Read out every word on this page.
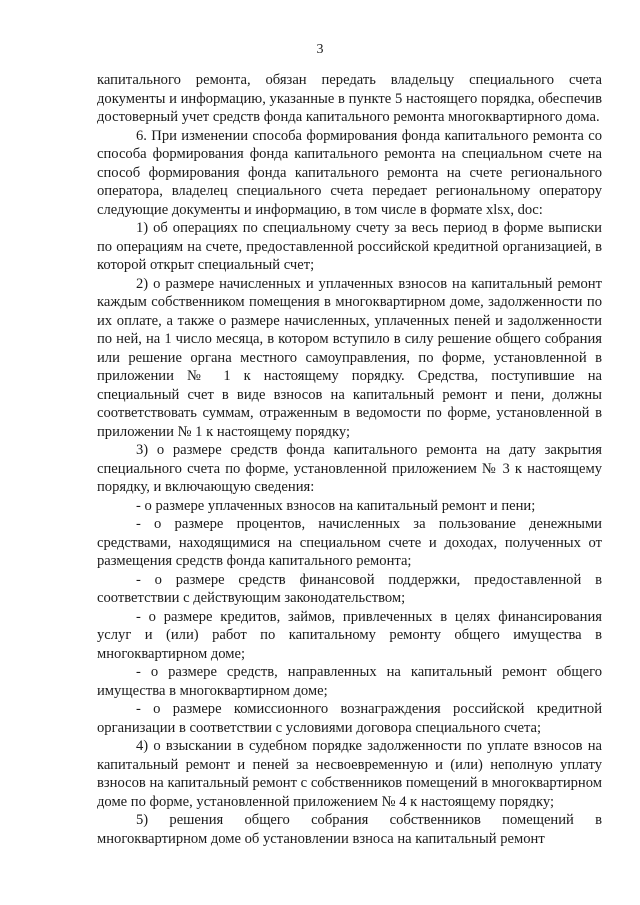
3

капитального ремонта, обязан передать владельцу специального счета документы и информацию, указанные в пункте 5 настоящего порядка, обеспечив достоверный учет средств фонда капитального ремонта многоквартирного дома.

6. При изменении способа формирования фонда капитального ремонта со способа формирования фонда капитального ремонта на специальном счете на способ формирования фонда капитального ремонта на счете регионального оператора, владелец специального счета передает региональному оператору следующие документы и информацию, в том числе в формате xlsx, doc:

1) об операциях по специальному счету за весь период в форме выписки по операциям на счете, предоставленной российской кредитной организацией, в которой открыт специальный счет;

2) о размере начисленных и уплаченных взносов на капитальный ремонт каждым собственником помещения в многоквартирном доме, задолженности по их оплате, а также о размере начисленных, уплаченных пеней и задолженности по ней, на 1 число месяца, в котором вступило в силу решение общего собрания или решение органа местного самоуправления, по форме, установленной в приложении № 1 к настоящему порядку. Средства, поступившие на специальный счет в виде взносов на капитальный ремонт и пени, должны соответствовать суммам, отраженным в ведомости по форме, установленной в приложении № 1 к настоящему порядку;

3) о размере средств фонда капитального ремонта на дату закрытия специального счета по форме, установленной приложением № 3 к настоящему порядку, и включающую сведения:

- о размере уплаченных взносов на капитальный ремонт и пени;

- о размере процентов, начисленных за пользование денежными средствами, находящимися на специальном счете и доходах, полученных от размещения средств фонда капитального ремонта;

- о размере средств финансовой поддержки, предоставленной в соответствии с действующим законодательством;

- о размере кредитов, займов, привлеченных в целях финансирования услуг и (или) работ по капитальному ремонту общего имущества в многоквартирном доме;

- о размере средств, направленных на капитальный ремонт общего имущества в многоквартирном доме;

- о размере комиссионного вознаграждения российской кредитной организации в соответствии с условиями договора специального счета;

4) о взыскании в судебном порядке задолженности по уплате взносов на капитальный ремонт и пеней за несвоевременную и (или) неполную уплату взносов на капитальный ремонт с собственников помещений в многоквартирном доме по форме, установленной приложением № 4 к настоящему порядку;

5) решения общего собрания собственников помещений в многоквартирном доме об установлении взноса на капитальный ремонт
